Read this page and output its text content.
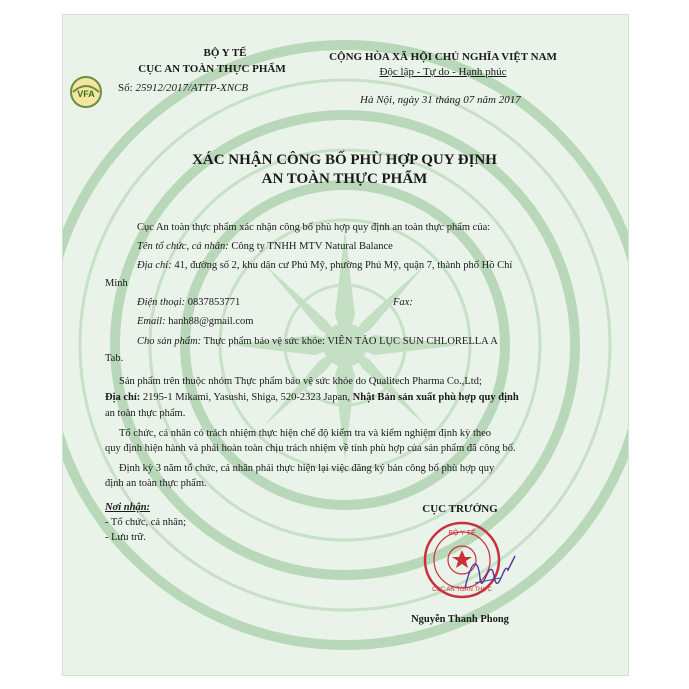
VFA
BỘ Y TẾ
CỤC AN TOÀN THỰC PHẨM
Số: 25912/2017/ATTP-XNCB
CỘNG HÒA XÃ HỘI CHỦ NGHĨA VIỆT NAM
Độc lập - Tự do - Hạnh phúc
Hà Nội, ngày 31 tháng 07 năm 2017
XÁC NHẬN CÔNG BỐ PHÙ HỢP QUY ĐỊNH
AN TOÀN THỰC PHẨM
Cục An toàn thực phẩm xác nhận công bố phù hợp quy định an toàn thực phẩm của:
Tên tổ chức, cá nhân: Công ty TNHH MTV Natural Balance
Địa chỉ: 41, đường số 2, khu dân cư Phú Mỹ, phường Phú Mỹ, quận 7, thành phố Hồ Chí
Minh
Điện thoại: 0837853771	Fax:
Email: hanh88@gmail.com
Cho sản phẩm: Thực phẩm bảo vệ sức khỏe: VIÊN TẢO LỤC SUN CHLORELLA A
Tab.
Sản phẩm trên thuộc nhóm Thực phẩm bảo vệ sức khỏe do Qualitech Pharma Co.,Ltd;
Địa chỉ: 2195-1 Mikami, Yasushi, Shiga, 520-2323 Japan, Nhật Bản sản xuất phù hợp quy định
an toàn thực phẩm.
Tổ chức, cá nhân có trách nhiệm thực hiện chế độ kiểm tra và kiểm nghiệm định kỳ theo
quy định hiện hành và phải hoàn toàn chịu trách nhiệm về tính phù hợp của sản phẩm đã công bố.
Định kỳ 3 năm tổ chức, cá nhân phải thực hiện lại việc đăng ký bản công bố phù hợp quy
định an toàn thực phẩm.
Nơi nhận:
- Tổ chức, cá nhân;
- Lưu trữ.
CỤC TRƯỞNG
BỘ Y TẾ
CỤC AN TOÀN THỰC
Nguyễn Thanh Phong
